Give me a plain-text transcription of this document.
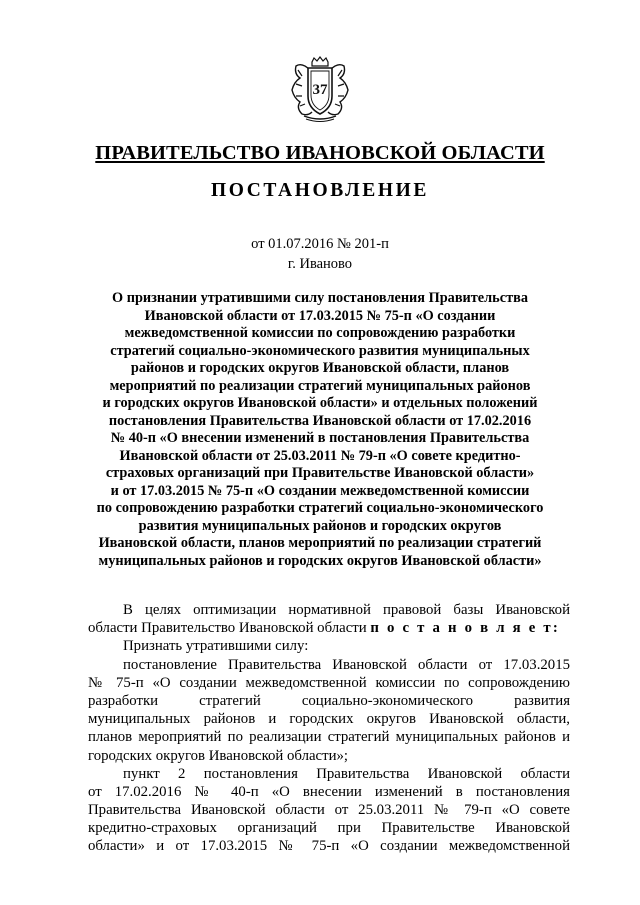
37
ПРАВИТЕЛЬСТВО ИВАНОВСКОЙ ОБЛАСТИ
ПОСТАНОВЛЕНИЕ
от 01.07.2016 № 201-п
г. Иваново
О признании утратившими силу постановления Правительства
Ивановской области от 17.03.2015 № 75-п «О создании
межведомственной комиссии по сопровождению разработки
стратегий социально-экономического развития муниципальных
районов и городских округов Ивановской области, планов
мероприятий по реализации стратегий муниципальных районов
и городских округов Ивановской области» и отдельных положений
постановления Правительства Ивановской области от 17.02.2016
№ 40-п «О внесении изменений в постановления Правительства
Ивановской области от 25.03.2011 № 79-п «О совете кредитно-
страховых организаций при Правительстве Ивановской области»
и от 17.03.2015 № 75-п «О создании межведомственной комиссии
по сопровождению разработки стратегий социально-экономического
развития муниципальных районов и городских округов
Ивановской области, планов мероприятий по реализации стратегий
муниципальных районов и городских округов Ивановской области»
В целях оптимизации нормативной правовой базы Ивановской
области Правительство Ивановской области п о с т а н о в л я е т:
Признать утратившими силу:
постановление Правительства Ивановской области от 17.03.2015
№ 75-п «О создании межведомственной комиссии по сопровождению
разработки стратегий социально-экономического развития
муниципальных районов и городских округов Ивановской области,
планов мероприятий по реализации стратегий муниципальных районов и
городских округов Ивановской области»;
пункт 2 постановления Правительства Ивановской области
от 17.02.2016 № 40-п «О внесении изменений в постановления
Правительства Ивановской области от 25.03.2011 № 79-п «О совете
кредитно-страховых организаций при Правительстве Ивановской
области» и от 17.03.2015 № 75-п «О создании межведомственной
